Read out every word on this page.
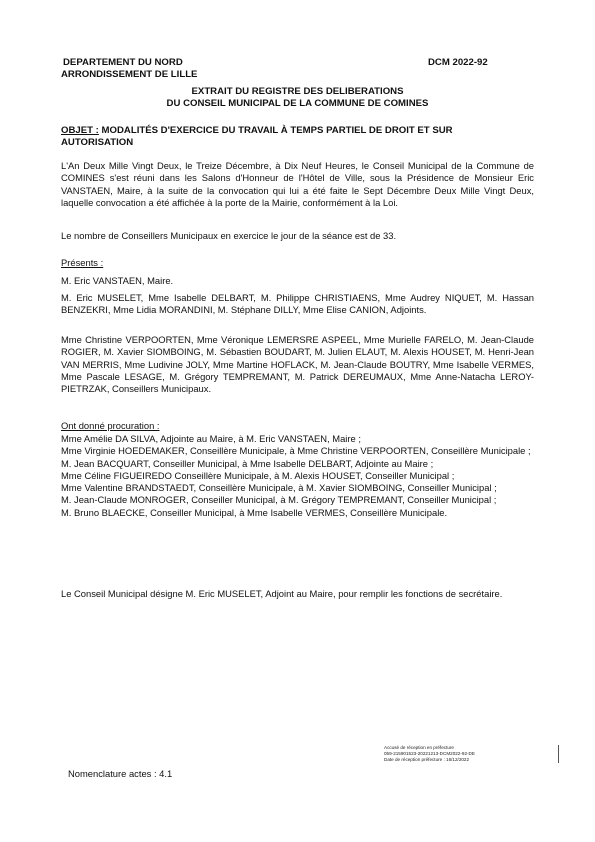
DEPARTEMENT DU NORD
ARRONDISSEMENT DE LILLE
DCM 2022-92
EXTRAIT DU REGISTRE DES DELIBERATIONS
DU CONSEIL MUNICIPAL DE LA COMMUNE DE COMINES
OBJET : MODALITÉS D'EXERCICE DU TRAVAIL À TEMPS PARTIEL DE DROIT ET SUR
AUTORISATION
L'An Deux Mille Vingt Deux, le Treize Décembre, à Dix Neuf Heures, le Conseil Municipal de la Commune de COMINES s'est réuni dans les Salons d'Honneur de l'Hôtel de Ville, sous la Présidence de Monsieur Eric VANSTAEN, Maire, à la suite de la convocation qui lui a été faite le Sept Décembre Deux Mille Vingt Deux, laquelle convocation a été affichée à la porte de la Mairie, conformément à la Loi.
Le nombre de Conseillers Municipaux en exercice le jour de la séance est de 33.
Présents :
M. Eric VANSTAEN, Maire.
M. Eric MUSELET, Mme Isabelle DELBART, M. Philippe CHRISTIAENS, Mme Audrey NIQUET, M. Hassan BENZEKRI, Mme Lidia MORANDINI, M. Stéphane DILLY, Mme Elise CANION, Adjoints.
Mme Christine VERPOORTEN, Mme Véronique LEMERSRE ASPEEL, Mme Murielle FARELO, M. Jean-Claude ROGIER, M. Xavier SIOMBOING, M. Sébastien BOUDART, M. Julien ELAUT, M. Alexis HOUSET, M. Henri-Jean VAN MERRIS, Mme Ludivine JOLY, Mme Martine HOFLACK, M. Jean-Claude BOUTRY, Mme Isabelle VERMES, Mme Pascale LESAGE, M. Grégory TEMPREMANT, M. Patrick DEREUMAUX, Mme Anne-Natacha LEROY-PIETRZAK, Conseillers Municipaux.
Ont donné procuration :
Mme Amélie DA SILVA, Adjointe au Maire, à M. Eric VANSTAEN, Maire ;
Mme Virginie HOEDEMAKER, Conseillère Municipale, à Mme Christine VERPOORTEN, Conseillère Municipale ;
M. Jean BACQUART, Conseiller Municipal, à Mme Isabelle DELBART, Adjointe au Maire ;
Mme Céline FIGUEIREDO Conseillère Municipale, à M. Alexis HOUSET, Conseiller Municipal ;
Mme Valentine BRANDSTAEDT, Conseillère Municipale, à M. Xavier SIOMBOING, Conseiller Municipal ;
M. Jean-Claude MONROGER, Conseiller Municipal, à M. Grégory TEMPREMANT, Conseiller Municipal ;
M. Bruno BLAECKE, Conseiller Municipal, à Mme Isabelle VERMES, Conseillère Municipale.
Le Conseil Municipal désigne M. Eric MUSELET, Adjoint au Maire, pour remplir les fonctions de secrétaire.
Accusé de réception en préfecture
059-215901523-20221213-DCM2022-92-DE
Date de réception préfecture : 16/12/2022
Nomenclature actes : 4.1
